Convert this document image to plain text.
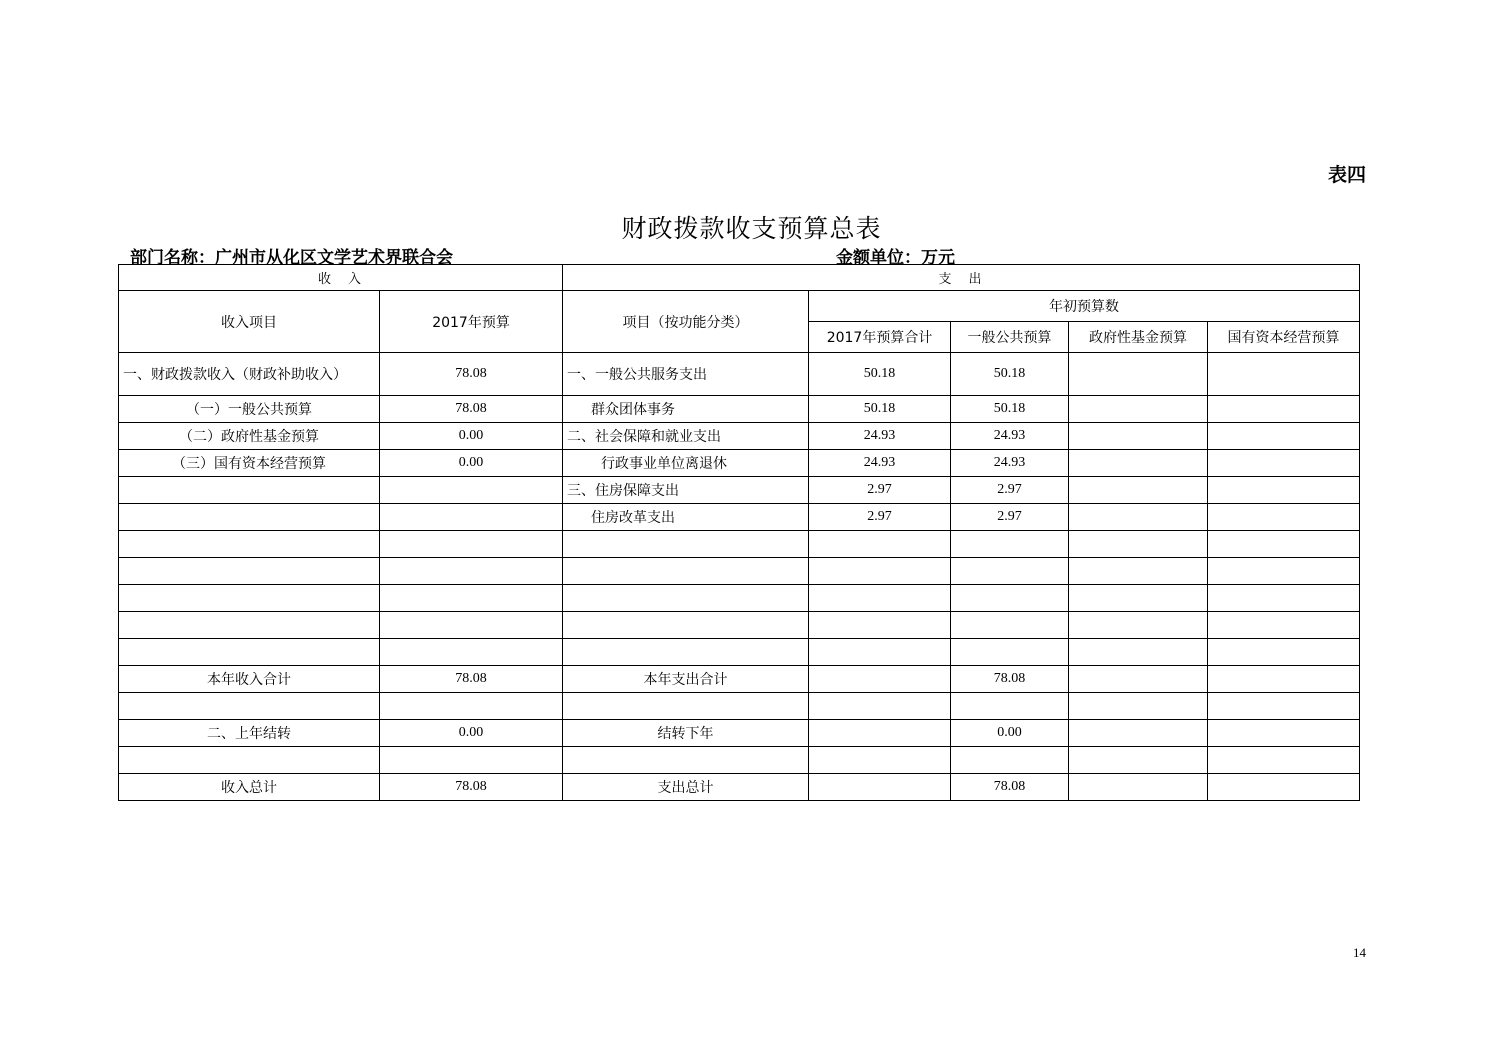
表四
财政拨款收支预算总表
部门名称：广州市从化区文学艺术界联合会	金额单位：万元
收　入		支　出				
收入项目	2017年预算	项目（按功能分类）	年初预算数			
			2017年预算合计	一般公共预算	政府性基金预算	国有资本经营预算
一、财政拨款收入（财政补助收入）	78.08	一、一般公共服务支出	50.18	50.18		
（一）一般公共预算	78.08	群众团体事务	50.18	50.18		
（二）政府性基金预算	0.00	二、社会保障和就业支出	24.93	24.93		
（三）国有资本经营预算	0.00	行政事业单位离退休	24.93	24.93		
		三、住房保障支出	2.97	2.97		
		住房改革支出	2.97	2.97		

本年收入合计	78.08	本年支出合计		78.08		

二、上年结转	0.00	结转下年		0.00		

收入总计	78.08	支出总计		78.08		
14
